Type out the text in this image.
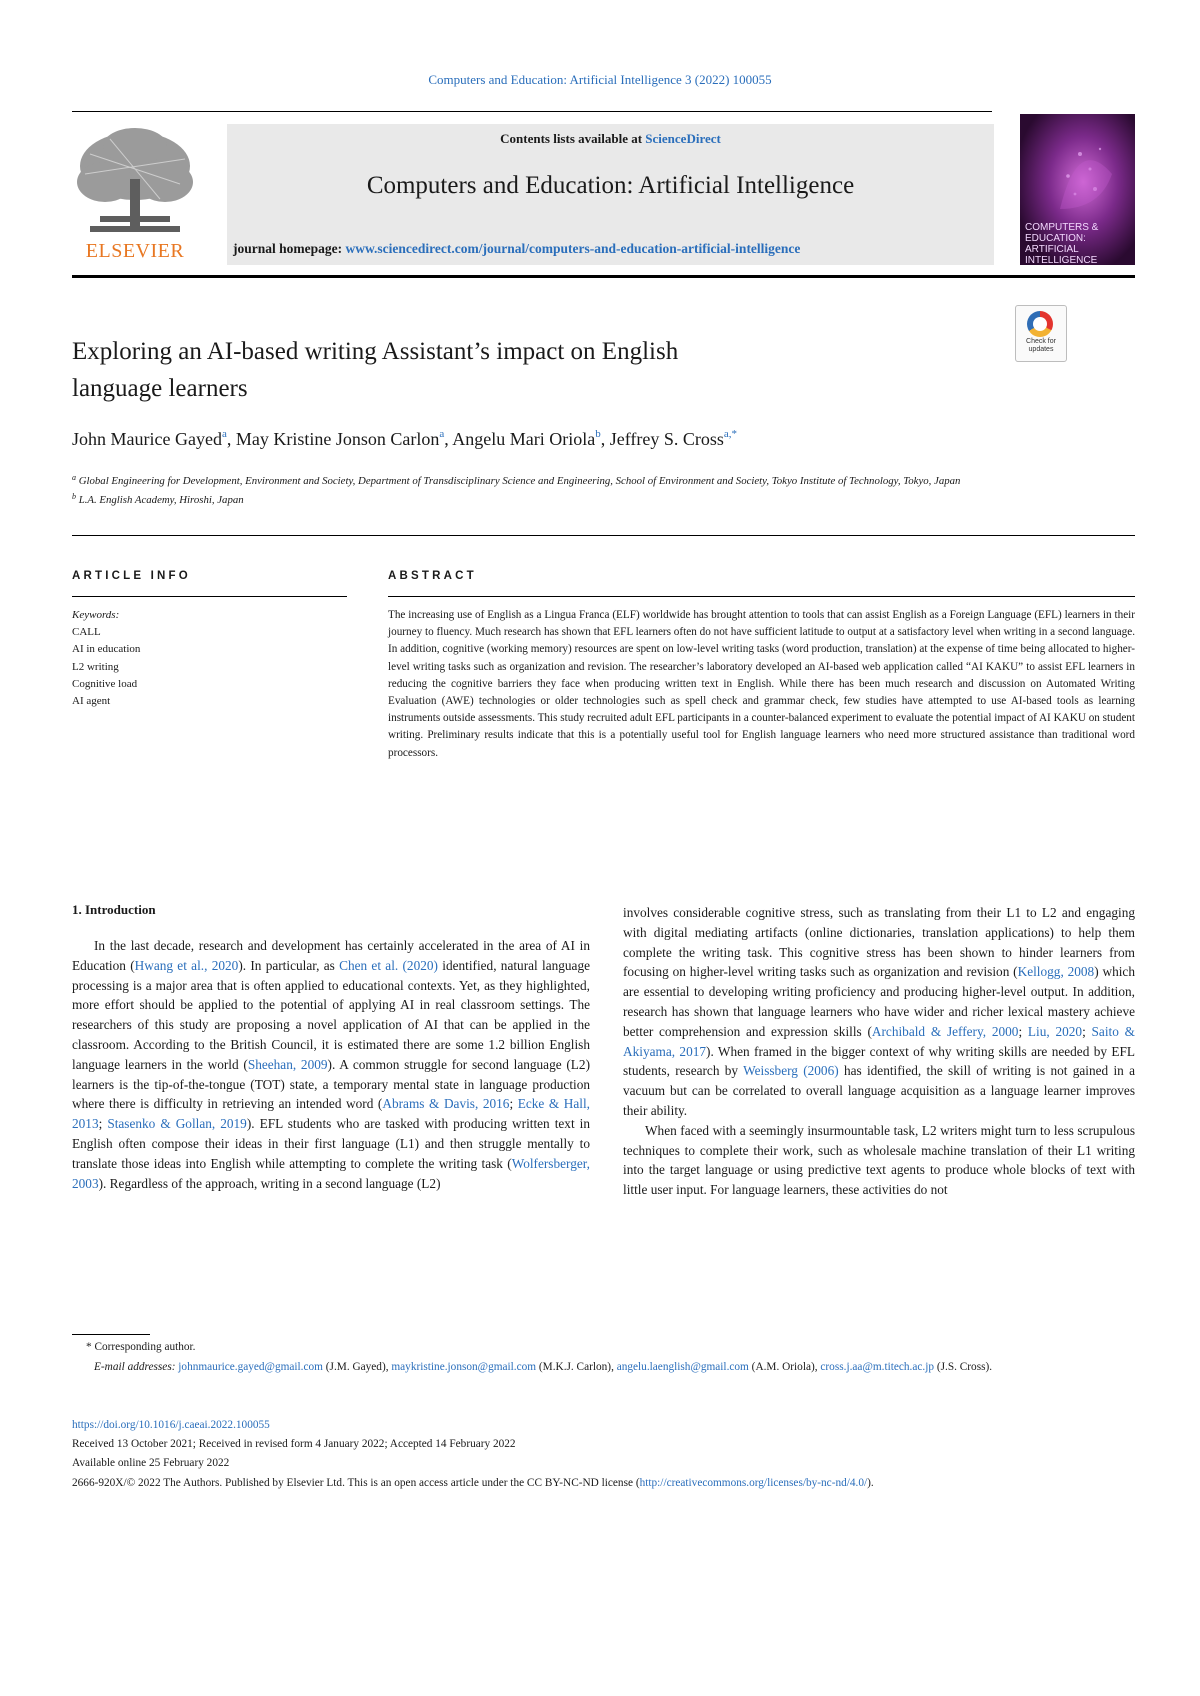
Computers and Education: Artificial Intelligence 3 (2022) 100055
ELSEVIER
Contents lists available at ScienceDirect
Computers and Education: Artificial Intelligence
journal homepage: www.sciencedirect.com/journal/computers-and-education-artificial-intelligence
COMPUTERS & EDUCATION: ARTIFICIAL INTELLIGENCE
Check for updates
Exploring an AI-based writing Assistant’s impact on English
language learners
John Maurice Gayed$^a$, May Kristine Jonson Carlon$^a$, Angelu Mari Oriola$^b$, Jeffrey S. Cross$^{a,*}$
$^a$ Global Engineering for Development, Environment and Society, Department of Transdisciplinary Science and Engineering, School of Environment and Society, Tokyo Institute of Technology, Tokyo, Japan
$^b$ L.A. English Academy, Hiroshi, Japan
ARTICLE INFO
Keywords:
CALL
AI in education
L2 writing
Cognitive load
AI agent
ABSTRACT
The increasing use of English as a Lingua Franca (ELF) worldwide has brought attention to tools that can assist English as a Foreign Language (EFL) learners in their journey to fluency. Much research has shown that EFL learners often do not have sufficient latitude to output at a satisfactory level when writing in a second language. In addition, cognitive (working memory) resources are spent on low-level writing tasks (word production, translation) at the expense of time being allocated to higher-level writing tasks such as organization and revision. The researcher’s laboratory developed an AI-based web application called “AI KAKU” to assist EFL learners in reducing the cognitive barriers they face when producing written text in English. While there has been much research and discussion on Automated Writing Evaluation (AWE) technologies or older technologies such as spell check and grammar check, few studies have attempted to use AI-based tools as learning instruments outside assessments. This study recruited adult EFL participants in a counter-balanced experiment to evaluate the potential impact of AI KAKU on student writing. Preliminary results indicate that this is a potentially useful tool for English language learners who need more structured assistance than traditional word processors.
1. Introduction

In the last decade, research and development has certainly accelerated in the area of AI in Education (Hwang et al., 2020). In particular, as Chen et al. (2020) identified, natural language processing is a major area that is often applied to educational contexts. Yet, as they highlighted, more effort should be applied to the potential of applying AI in real classroom settings. The researchers of this study are proposing a novel application of AI that can be applied in the classroom. According to the British Council, it is estimated there are some 1.2 billion English language learners in the world (Sheehan, 2009). A common struggle for second language (L2) learners is the tip-of-the-tongue (TOT) state, a temporary mental state in language production where there is difficulty in retrieving an intended word (Abrams & Davis, 2016; Ecke & Hall, 2013; Stasenko & Gollan, 2019). EFL students who are tasked with producing written text in English often compose their ideas in their first language (L1) and then struggle mentally to translate those ideas into English while attempting to complete the writing task (Wolfersberger, 2003). Regardless of the approach, writing in a second language (L2)

involves considerable cognitive stress, such as translating from their L1 to L2 and engaging with digital mediating artifacts (online dictionaries, translation applications) to help them complete the writing task. This cognitive stress has been shown to hinder learners from focusing on higher-level writing tasks such as organization and revision (Kellogg, 2008) which are essential to developing writing proficiency and producing higher-level output. In addition, research has shown that language learners who have wider and richer lexical mastery achieve better comprehension and expression skills (Archibald & Jeffery, 2000; Liu, 2020; Saito & Akiyama, 2017). When framed in the bigger context of why writing skills are needed by EFL students, research by Weissberg (2006) has identified, the skill of writing is not gained in a vacuum but can be correlated to overall language acquisition as a language learner improves their ability.

When faced with a seemingly insurmountable task, L2 writers might turn to less scrupulous techniques to complete their work, such as wholesale machine translation of their L1 writing into the target language or using predictive text agents to produce whole blocks of text with little user input. For language learners, these activities do not

* Corresponding author.
E-mail addresses: johnmaurice.gayed@gmail.com (J.M. Gayed), maykristine.jonson@gmail.com (M.K.J. Carlon), angelu.laenglish@gmail.com (A.M. Oriola), cross.j.aa@m.titech.ac.jp (J.S. Cross).
https://doi.org/10.1016/j.caeai.2022.100055
Received 13 October 2021; Received in revised form 4 January 2022; Accepted 14 February 2022
Available online 25 February 2022
2666-920X/© 2022 The Authors. Published by Elsevier Ltd. This is an open access article under the CC BY-NC-ND license (http://creativecommons.org/licenses/by-nc-nd/4.0/).
